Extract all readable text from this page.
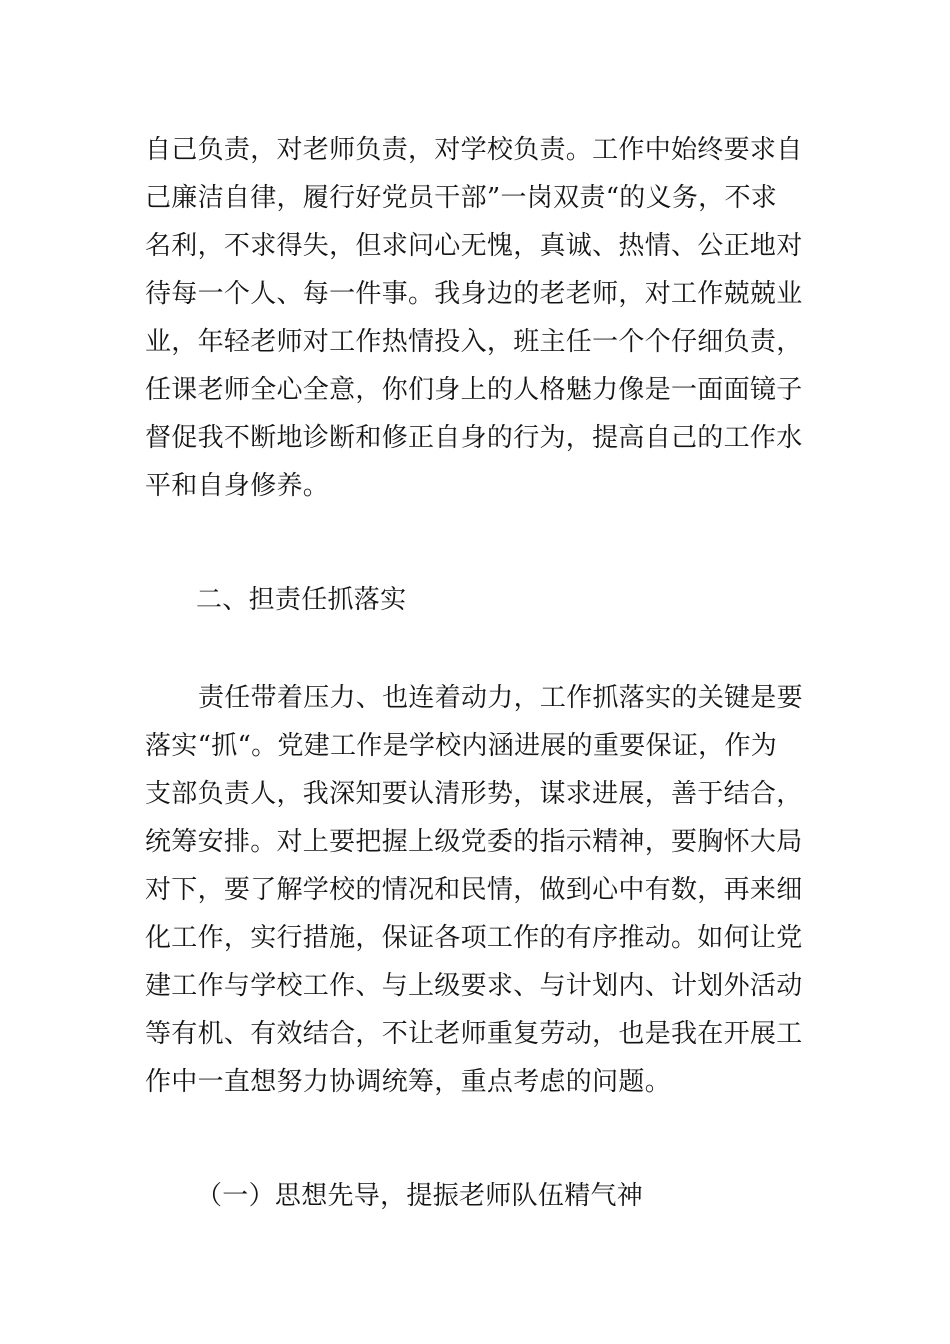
自己负责，对老师负责，对学校负责。工作中始终要求自
己廉洁自律，履行好党员干部”一岗双责“的义务，不求
名利，不求得失，但求问心无愧，真诚、热情、公正地对
待每一个人、每一件事。我身边的老老师，对工作兢兢业
业，年轻老师对工作热情投入，班主任一个个仔细负责，
任课老师全心全意，你们身上的人格魅力像是一面面镜子
督促我不断地诊断和修正自身的行为，提高自己的工作水
平和自身修养。
二、担责任抓落实
责任带着压力、也连着动力，工作抓落实的关键是要
落实“抓“。党建工作是学校内涵进展的重要保证，作为
支部负责人，我深知要认清形势，谋求进展，善于结合，
统筹安排。对上要把握上级党委的指示精神，要胸怀大局
对下，要了解学校的情况和民情，做到心中有数，再来细
化工作，实行措施，保证各项工作的有序推动。如何让党
建工作与学校工作、与上级要求、与计划内、计划外活动
等有机、有效结合，不让老师重复劳动，也是我在开展工
作中一直想努力协调统筹，重点考虑的问题。
（一）思想先导，提振老师队伍精气神
